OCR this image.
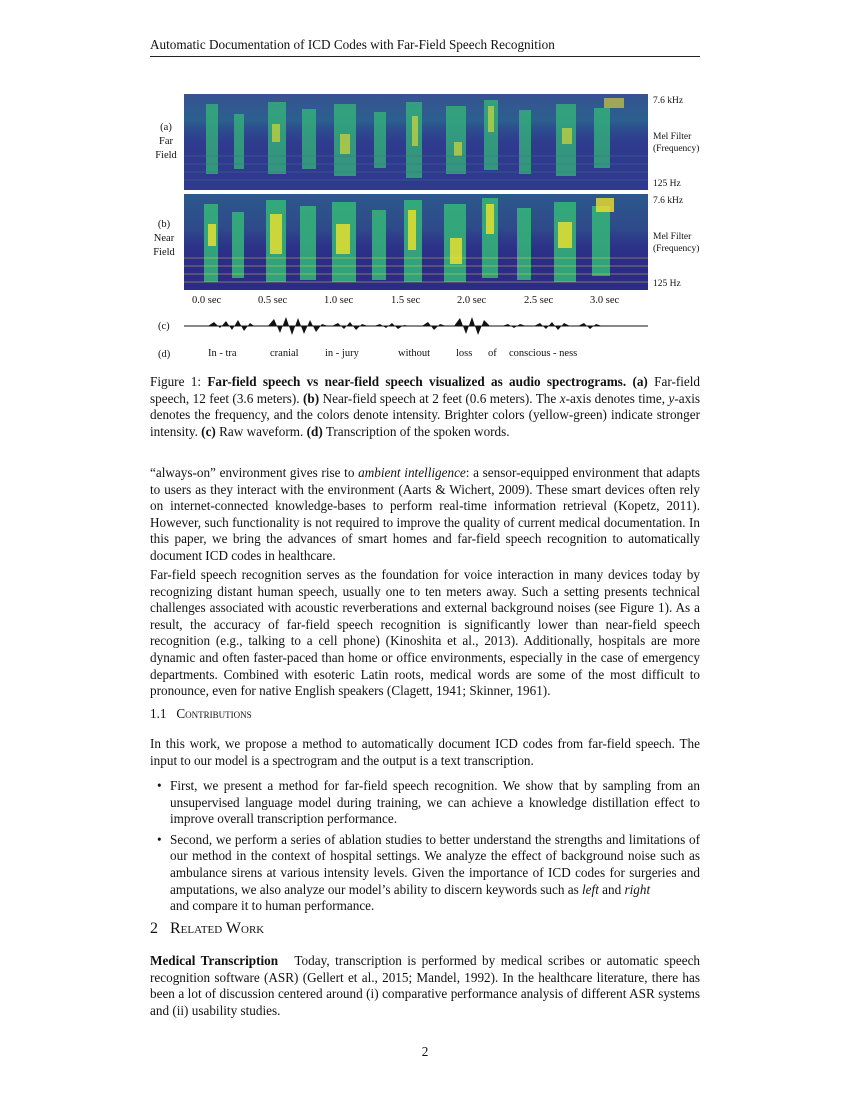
Automatic Documentation of ICD Codes with Far-Field Speech Recognition
(a)
Far
Field
(b)
Near
Field
7.6 kHz
Mel Filter
(Frequency)
125 Hz
7.6 kHz
Mel Filter
(Frequency)
125 Hz
0.0 sec	0.5 sec	1.0 sec	1.5 sec	2.0 sec	2.5 sec	3.0 sec
(c)
(d)	In - tra	cranial	in - jury	without loss of conscious - ness
Figure 1: Far-field speech vs near-field speech visualized as audio spectrograms. (a) Far-field speech, 12 feet (3.6 meters). (b) Near-field speech at 2 feet (0.6 meters). The x-axis denotes time, y-axis denotes the frequency, and the colors denote intensity. Brighter colors (yellow-green) indicate stronger intensity. (c) Raw waveform. (d) Transcription of the spoken words.

“always-on” environment gives rise to ambient intelligence: a sensor-equipped environment that adapts to users as they interact with the environment (Aarts & Wichert, 2009). These smart devices often rely on internet-connected knowledge-bases to perform real-time information retrieval (Kopetz, 2011). However, such functionality is not required to improve the quality of current medical documentation. In this paper, we bring the advances of smart homes and far-field speech recognition to automatically document ICD codes in healthcare.

Far-field speech recognition serves as the foundation for voice interaction in many devices today by recognizing distant human speech, usually one to ten meters away. Such a setting presents technical challenges associated with acoustic reverberations and external background noises (see Figure 1). As a result, the accuracy of far-field speech recognition is significantly lower than near-field speech recognition (e.g., talking to a cell phone) (Kinoshita et al., 2013). Additionally, hospitals are more dynamic and often faster-paced than home or office environments, especially in the case of emergency departments. Combined with esoteric Latin roots, medical words are some of the most difficult to pronounce, even for native English speakers (Clagett, 1941; Skinner, 1961).

1.1 Contributions

In this work, we propose a method to automatically document ICD codes from far-field speech. The input to our model is a spectrogram and the output is a text transcription.

• First, we present a method for far-field speech recognition. We show that by sampling from an unsupervised language model during training, we can achieve a knowledge distillation effect to improve overall transcription performance.
• Second, we perform a series of ablation studies to better understand the strengths and limitations of our method in the context of hospital settings. We analyze the effect of background noise such as ambulance sirens at various intensity levels. Given the importance of ICD codes for surgeries and amputations, we also analyze our model’s ability to discern keywords such as left and right
and compare it to human performance.
2 Related Work

Medical Transcription Today, transcription is performed by medical scribes or automatic speech recognition software (ASR) (Gellert et al., 2015; Mandel, 1992). In the healthcare literature, there has been a lot of discussion centered around (i) comparative performance analysis of different ASR systems and (ii) usability studies.

2
